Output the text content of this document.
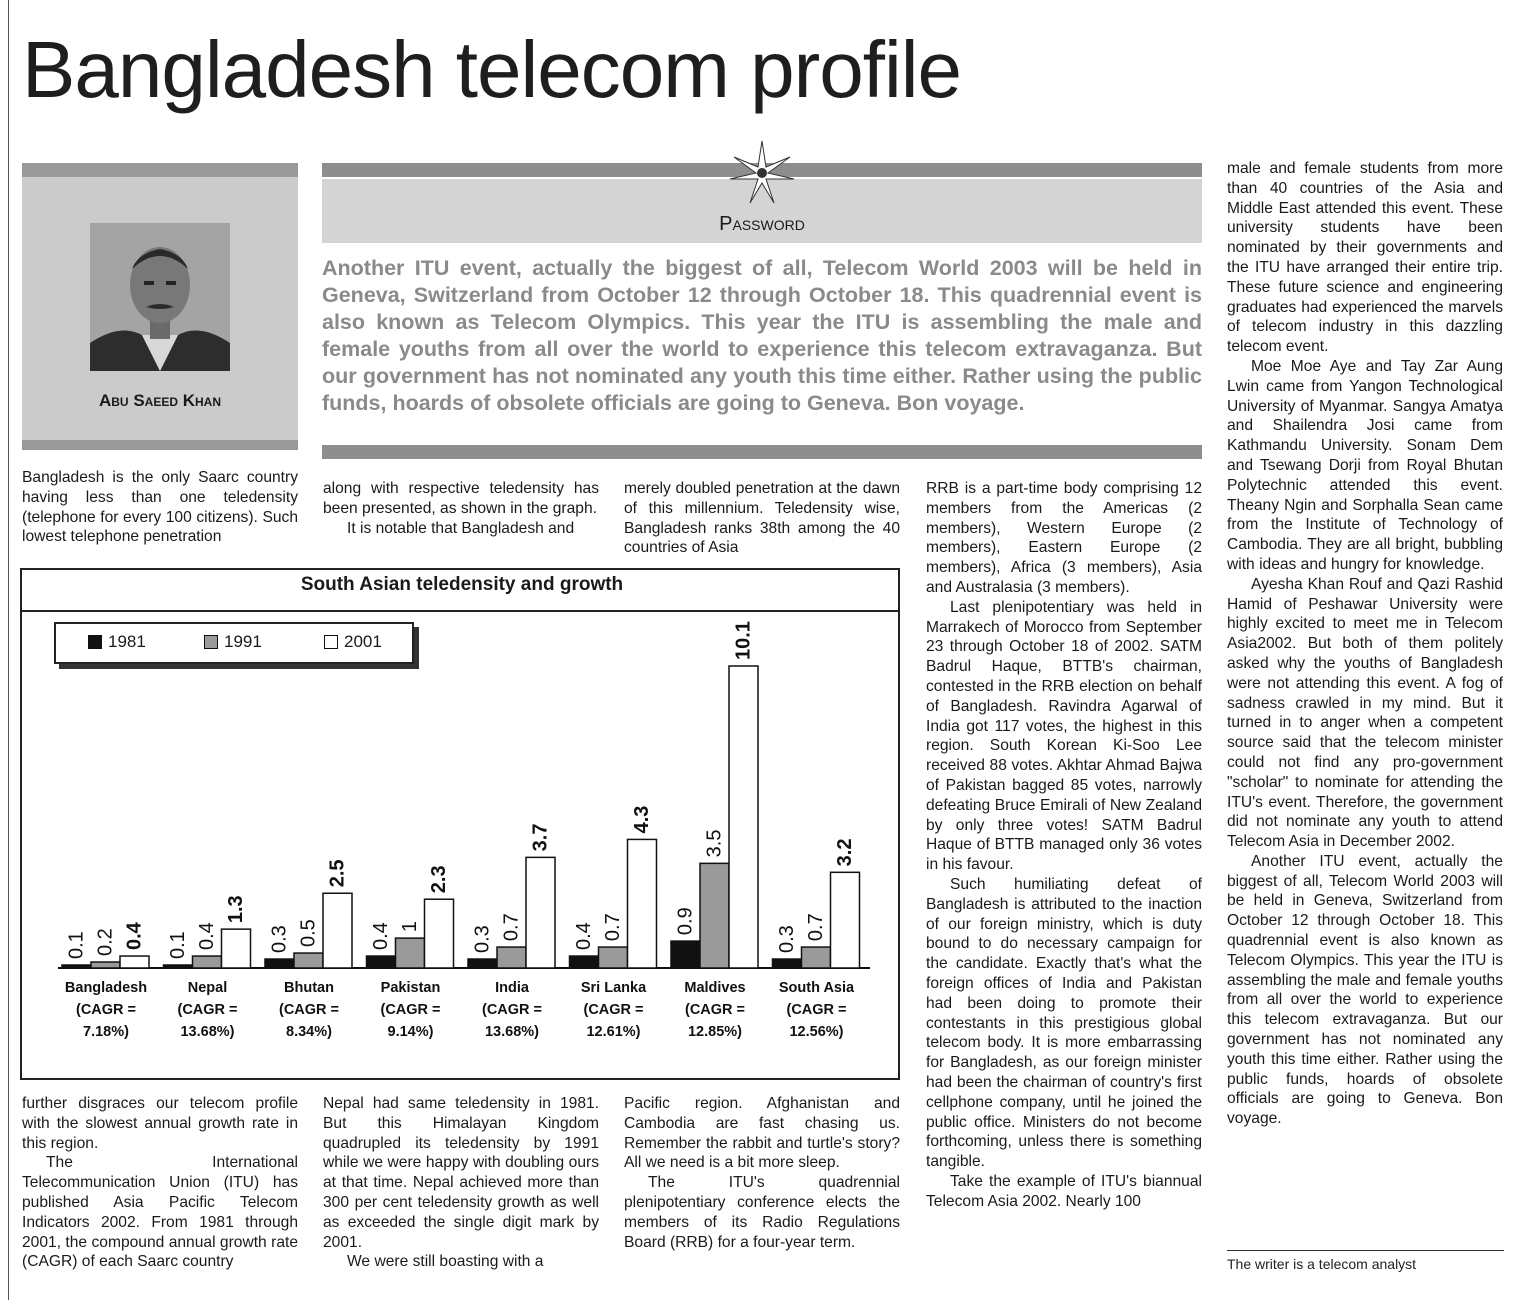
Bangladesh telecom profile
Abu Saeed Khan
Password
Another ITU event, actually the biggest of all, Telecom World 2003 will be held in Geneva, Switzerland from October 12 through October 18. This quadrennial event is also known as Telecom Olympics. This year the ITU is assembling the male and female youths from all over the world to experience this telecom extravaganza. But our government has not nominated any youth this time either. Rather using the public funds, hoards of obsolete officials are going to Geneva. Bon voyage.

Bangladesh is the only Saarc country having less than one teledensity (telephone for every 100 citizens). Such lowest telephone penetration

along with respective teledensity has been presented, as shown in the graph.

It is notable that Bangladesh and

merely doubled penetration at the dawn of this millennium. Teledensity wise, Bangladesh ranks 38th among the 40 countries of Asia

South Asian teledensity and growth
1981	1991	2001
0.1 0.2 0.4
Bangladesh
(CAGR =
7.18%)
0.1 0.4
1.3
Nepal
(CAGR =
13.68%)
0.3 0.5
2.5
Bhutan
(CAGR =
8.34%)
0.4 1
2.3
Pakistan
(CAGR =
9.14%)
0.3 0.7
3.7
India
(CAGR =
13.68%)
0.4 0.7
4.3
Sri Lanka
(CAGR =
12.61%)
0.9
3.5
10.1
Maldives
(CAGR =
12.85%)
0.3 0.7
3.2
South Asia
(CAGR =
12.56%)

further disgraces our telecom profile with the slowest annual growth rate in this region.

The International Telecommunication Union (ITU) has published Asia Pacific Telecom Indicators 2002. From 1981 through 2001, the compound annual growth rate (CAGR) of each Saarc country

Nepal had same teledensity in 1981. But this Himalayan Kingdom quadrupled its teledensity by 1991 while we were happy with doubling ours at that time. Nepal achieved more than 300 per cent teledensity growth as well as exceeded the single digit mark by 2001.

We were still boasting with a

Pacific region. Afghanistan and Cambodia are fast chasing us. Remember the rabbit and turtle's story? All we need is a bit more sleep.

The ITU's quadrennial plenipotentiary conference elects the members of its Radio Regulations Board (RRB) for a four-year term.

RRB is a part-time body comprising 12 members from the Americas (2 members), Western Europe (2 members), Eastern Europe (2 members), Africa (3 members), Asia and Australasia (3 members).

Last plenipotentiary was held in Marrakech of Morocco from September 23 through October 18 of 2002. SATM Badrul Haque, BTTB's chairman, contested in the RRB election on behalf of Bangladesh. Ravindra Agarwal of India got 117 votes, the highest in this region. South Korean Ki-Soo Lee received 88 votes. Akhtar Ahmad Bajwa of Pakistan bagged 85 votes, narrowly defeating Bruce Emirali of New Zealand by only three votes! SATM Badrul Haque of BTTB managed only 36 votes in his favour.

Such humiliating defeat of Bangladesh is attributed to the inaction of our foreign ministry, which is duty bound to do necessary campaign for the candidate. Exactly that's what the foreign offices of India and Pakistan had been doing to promote their contestants in this prestigious global telecom body. It is more embarrassing for Bangladesh, as our foreign minister had been the chairman of country's first cellphone company, until he joined the public office. Ministers do not become forthcoming, unless there is something tangible.

Take the example of ITU's biannual Telecom Asia 2002. Nearly 100

male and female students from more than 40 countries of the Asia and Middle East attended this event. These university students have been nominated by their governments and the ITU have arranged their entire trip. These future science and engineering graduates had experienced the marvels of telecom industry in this dazzling telecom event.

Moe Moe Aye and Tay Zar Aung Lwin came from Yangon Technological University of Myanmar. Sangya Amatya and Shailendra Josi came from Kathmandu University. Sonam Dem and Tsewang Dorji from Royal Bhutan Polytechnic attended this event. Theany Ngin and Sorphalla Sean came from the Institute of Technology of Cambodia. They are all bright, bubbling with ideas and hungry for knowledge.

Ayesha Khan Rouf and Qazi Rashid Hamid of Peshawar University were highly excited to meet me in Telecom Asia2002. But both of them politely asked why the youths of Bangladesh were not attending this event. A fog of sadness crawled in my mind. But it turned in to anger when a competent source said that the telecom minister could not find any pro-government "scholar" to nominate for attending the ITU's event. Therefore, the government did not nominate any youth to attend Telecom Asia in December 2002.

Another ITU event, actually the biggest of all, Telecom World 2003 will be held in Geneva, Switzerland from October 12 through October 18. This quadrennial event is also known as Telecom Olympics. This year the ITU is assembling the male and female youths from all over the world to experience this telecom extravaganza. But our government has not nominated any youth this time either. Rather using the public funds, hoards of obsolete officials are going to Geneva. Bon voyage.

The writer is a telecom analyst
